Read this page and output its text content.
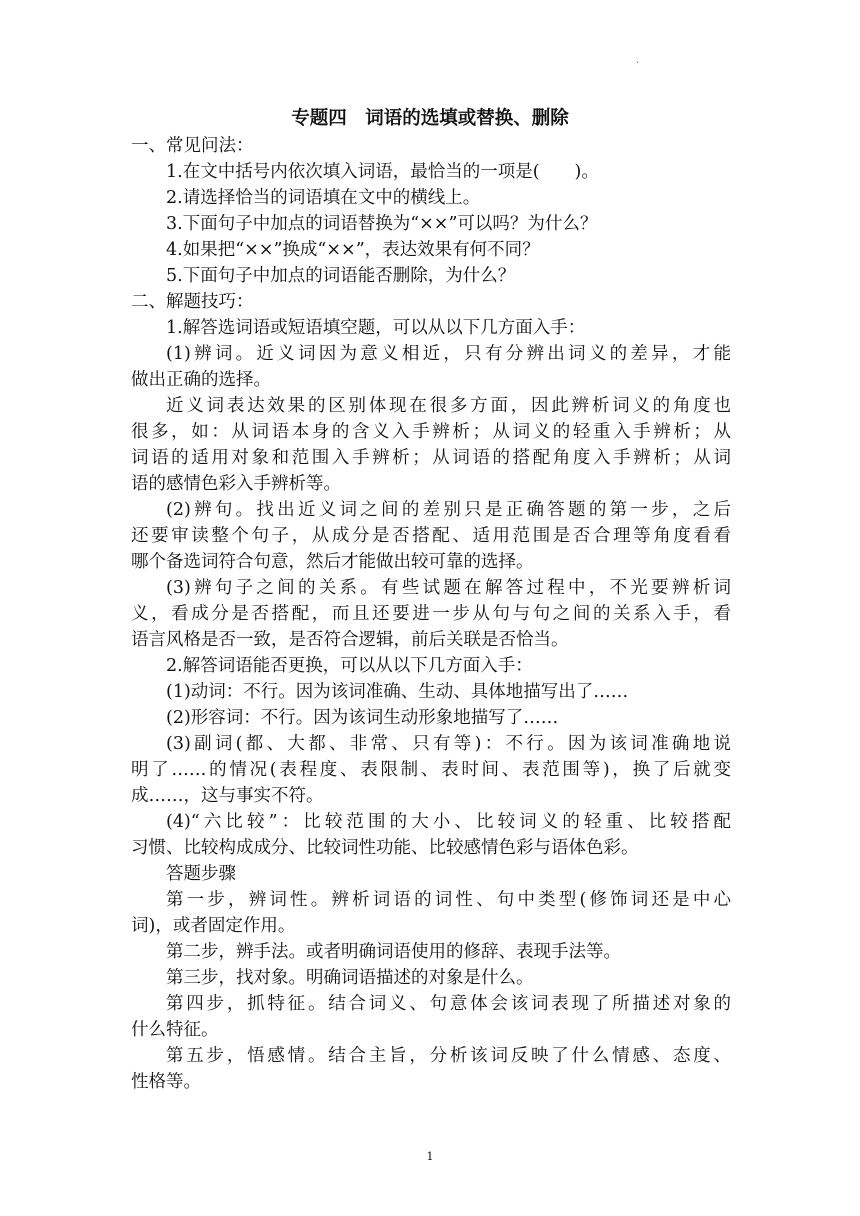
·
专题四　词语的选填或替换、删除

一、常见问法：

1.在文中括号内依次填入词语，最恰当的一项是(　　)。

2.请选择恰当的词语填在文中的横线上。

3.下面句子中加点的词语替换为“××”可以吗？为什么？

4.如果把“××”换成“××”，表达效果有何不同？

5.下面句子中加点的词语能否删除，为什么？

二、解题技巧：

1.解答选词语或短语填空题，可以从以下几方面入手：

(1)辨词。近义词因为意义相近，只有分辨出词义的差异，才能

做出正确的选择。

近义词表达效果的区别体现在很多方面，因此辨析词义的角度也

很多，如：从词语本身的含义入手辨析；从词义的轻重入手辨析；从

词语的适用对象和范围入手辨析；从词语的搭配角度入手辨析；从词

语的感情色彩入手辨析等。

(2)辨句。找出近义词之间的差别只是正确答题的第一步，之后

还要审读整个句子，从成分是否搭配、适用范围是否合理等角度看看

哪个备选词符合句意，然后才能做出较可靠的选择。

(3)辨句子之间的关系。有些试题在解答过程中，不光要辨析词

义，看成分是否搭配，而且还要进一步从句与句之间的关系入手，看

语言风格是否一致，是否符合逻辑，前后关联是否恰当。

2.解答词语能否更换，可以从以下几方面入手：

(1)动词：不行。因为该词准确、生动、具体地描写出了……

(2)形容词：不行。因为该词生动形象地描写了……

(3)副词(都、大都、非常、只有等)：不行。因为该词准确地说

明了……的情况(表程度、表限制、表时间、表范围等)，换了后就变

成……，这与事实不符。

(4)“六比较”：比较范围的大小、比较词义的轻重、比较搭配

习惯、比较构成成分、比较词性功能、比较感情色彩与语体色彩。

答题步骤

第一步，辨词性。辨析词语的词性、句中类型(修饰词还是中心

词)，或者固定作用。

第二步，辨手法。或者明确词语使用的修辞、表现手法等。

第三步，找对象。明确词语描述的对象是什么。

第四步，抓特征。结合词义、句意体会该词表现了所描述对象的

什么特征。

第五步，悟感情。结合主旨，分析该词反映了什么情感、态度、

性格等。

1
